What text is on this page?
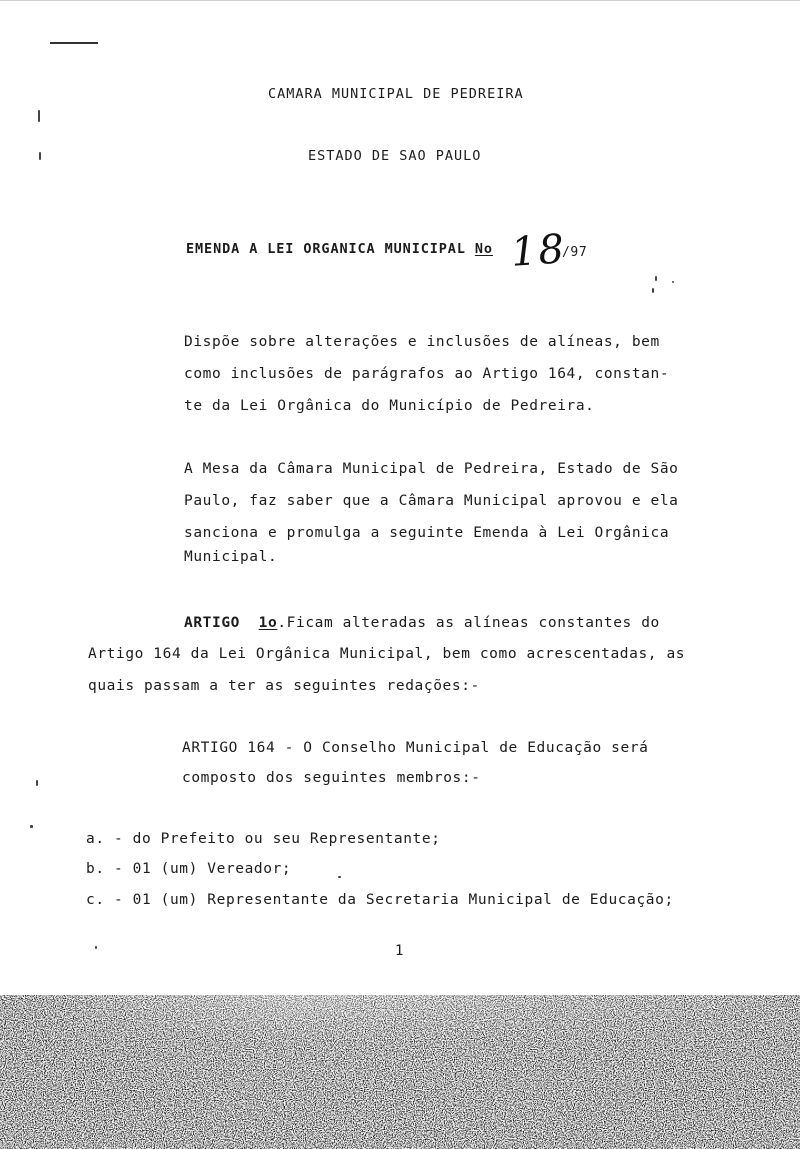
CAMARA MUNICIPAL DE PEDREIRA
ESTADO DE SAO PAULO
EMENDA A LEI ORGANICA MUNICIPAL No 18
/97
Dispõe sobre alterações e inclusões de alíneas, bem
como inclusões de parágrafos ao Artigo 164, constan-
te da Lei Orgânica do Município de Pedreira.
A Mesa da Câmara Municipal de Pedreira, Estado de São
Paulo, faz saber que a Câmara Municipal aprovou e ela
sanciona e promulga a seguinte Emenda à Lei Orgânica
Municipal.
ARTIGO 1o.Ficam alteradas as alíneas constantes do
Artigo 164 da Lei Orgânica Municipal, bem como acrescentadas, as
quais passam a ter as seguintes redações:-
ARTIGO 164 - O Conselho Municipal de Educação será
composto dos seguintes membros:-
a. - do Prefeito ou seu Representante;
b. - 01 (um) Vereador;
c. - 01 (um) Representante da Secretaria Municipal de Educação;
1
